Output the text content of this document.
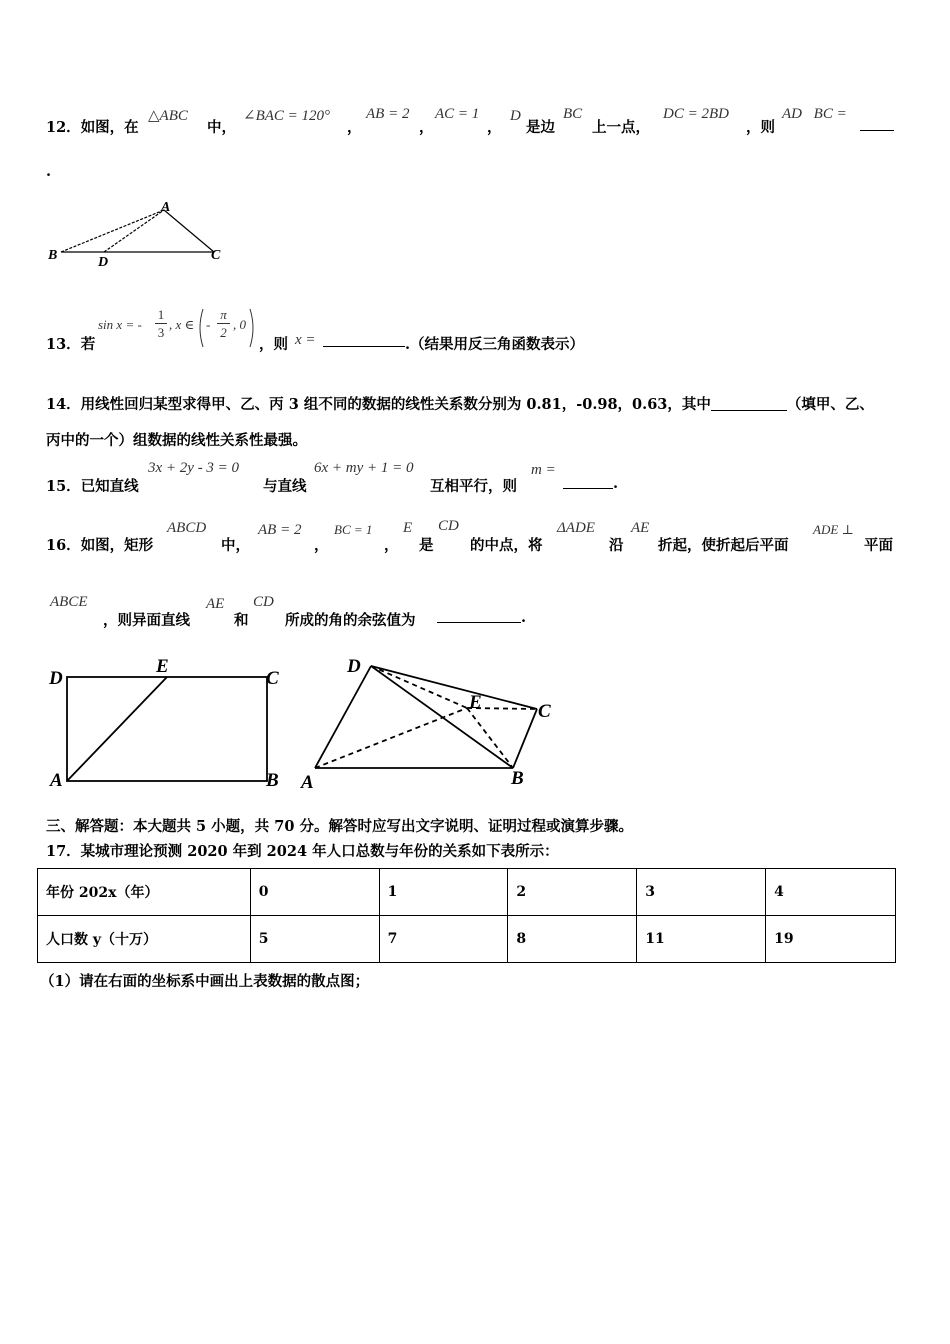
12．如图，在
△ABC
中，
∠BAC = 120°
，
AB = 2
，
AC = 1
，
D
是边
BC
上一点，
DC = 2BD
，则
AD⃞BC =
.
A
B	D	C
13．若
sin x = - $\frac{1}{3}$ , x ∈ - $\frac{\pi}{2}$ , 0
，则 x =	.（结果用反三角函数表示）
14．用线性回归某型求得甲、乙、丙 3 组不同的数据的线性关系数分别为 0.81，-0.98，0.63，其中	（填甲、乙、
丙中的一个）组数据的线性关系性最强。
15．已知直线
3x + 2y - 3 = 0
与直线
6x + my + 1 = 0
互相平行，则
m =
.
16．如图，矩形
ABCD
中，
AB = 2
，
BC = 1
，
E
是
CD
的中点，将
ΔADE
沿
AE
折起，使折起后平面
ADE ⊥
平面
ABCE
，则异面直线
AE
和
CD
所成的角的余弦值为	.
D
E
C
A	B
D
E	C
A	B
三、解答题：本大题共 5 小题，共 70 分。解答时应写出文字说明、证明过程或演算步骤。
17．某城市理论预测 2020 年到 2024 年人口总数与年份的关系如下表所示：
年份 202x（年）	0	1	2	3	4
人口数 y（十万）	5	7	8	11	19
（1）请在右面的坐标系中画出上表数据的散点图；
